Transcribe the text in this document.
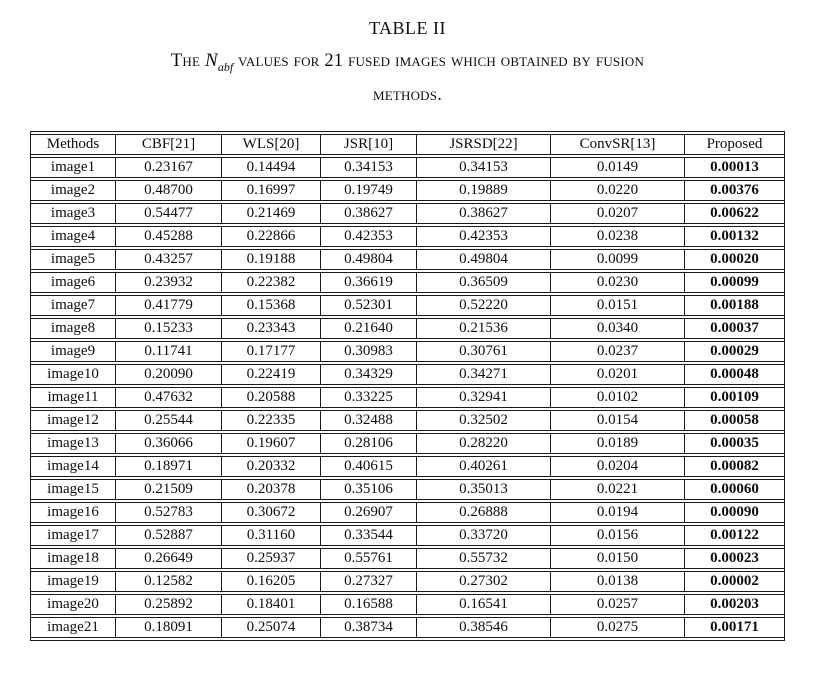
TABLE II
The $N_{abf}$ values for 21 fused images which obtained by fusion
methods.
Methods	CBF[21]	WLS[20]	JSR[10]	JSRSD[22]	ConvSR[13]	Proposed
image1	0.23167	0.14494	0.34153	0.34153	0.0149	0.00013
image2	0.48700	0.16997	0.19749	0.19889	0.0220	0.00376
image3	0.54477	0.21469	0.38627	0.38627	0.0207	0.00622
image4	0.45288	0.22866	0.42353	0.42353	0.0238	0.00132
image5	0.43257	0.19188	0.49804	0.49804	0.0099	0.00020
image6	0.23932	0.22382	0.36619	0.36509	0.0230	0.00099
image7	0.41779	0.15368	0.52301	0.52220	0.0151	0.00188
image8	0.15233	0.23343	0.21640	0.21536	0.0340	0.00037
image9	0.11741	0.17177	0.30983	0.30761	0.0237	0.00029
image10	0.20090	0.22419	0.34329	0.34271	0.0201	0.00048
image11	0.47632	0.20588	0.33225	0.32941	0.0102	0.00109
image12	0.25544	0.22335	0.32488	0.32502	0.0154	0.00058
image13	0.36066	0.19607	0.28106	0.28220	0.0189	0.00035
image14	0.18971	0.20332	0.40615	0.40261	0.0204	0.00082
image15	0.21509	0.20378	0.35106	0.35013	0.0221	0.00060
image16	0.52783	0.30672	0.26907	0.26888	0.0194	0.00090
image17	0.52887	0.31160	0.33544	0.33720	0.0156	0.00122
image18	0.26649	0.25937	0.55761	0.55732	0.0150	0.00023
image19	0.12582	0.16205	0.27327	0.27302	0.0138	0.00002
image20	0.25892	0.18401	0.16588	0.16541	0.0257	0.00203
image21	0.18091	0.25074	0.38734	0.38546	0.0275	0.00171
